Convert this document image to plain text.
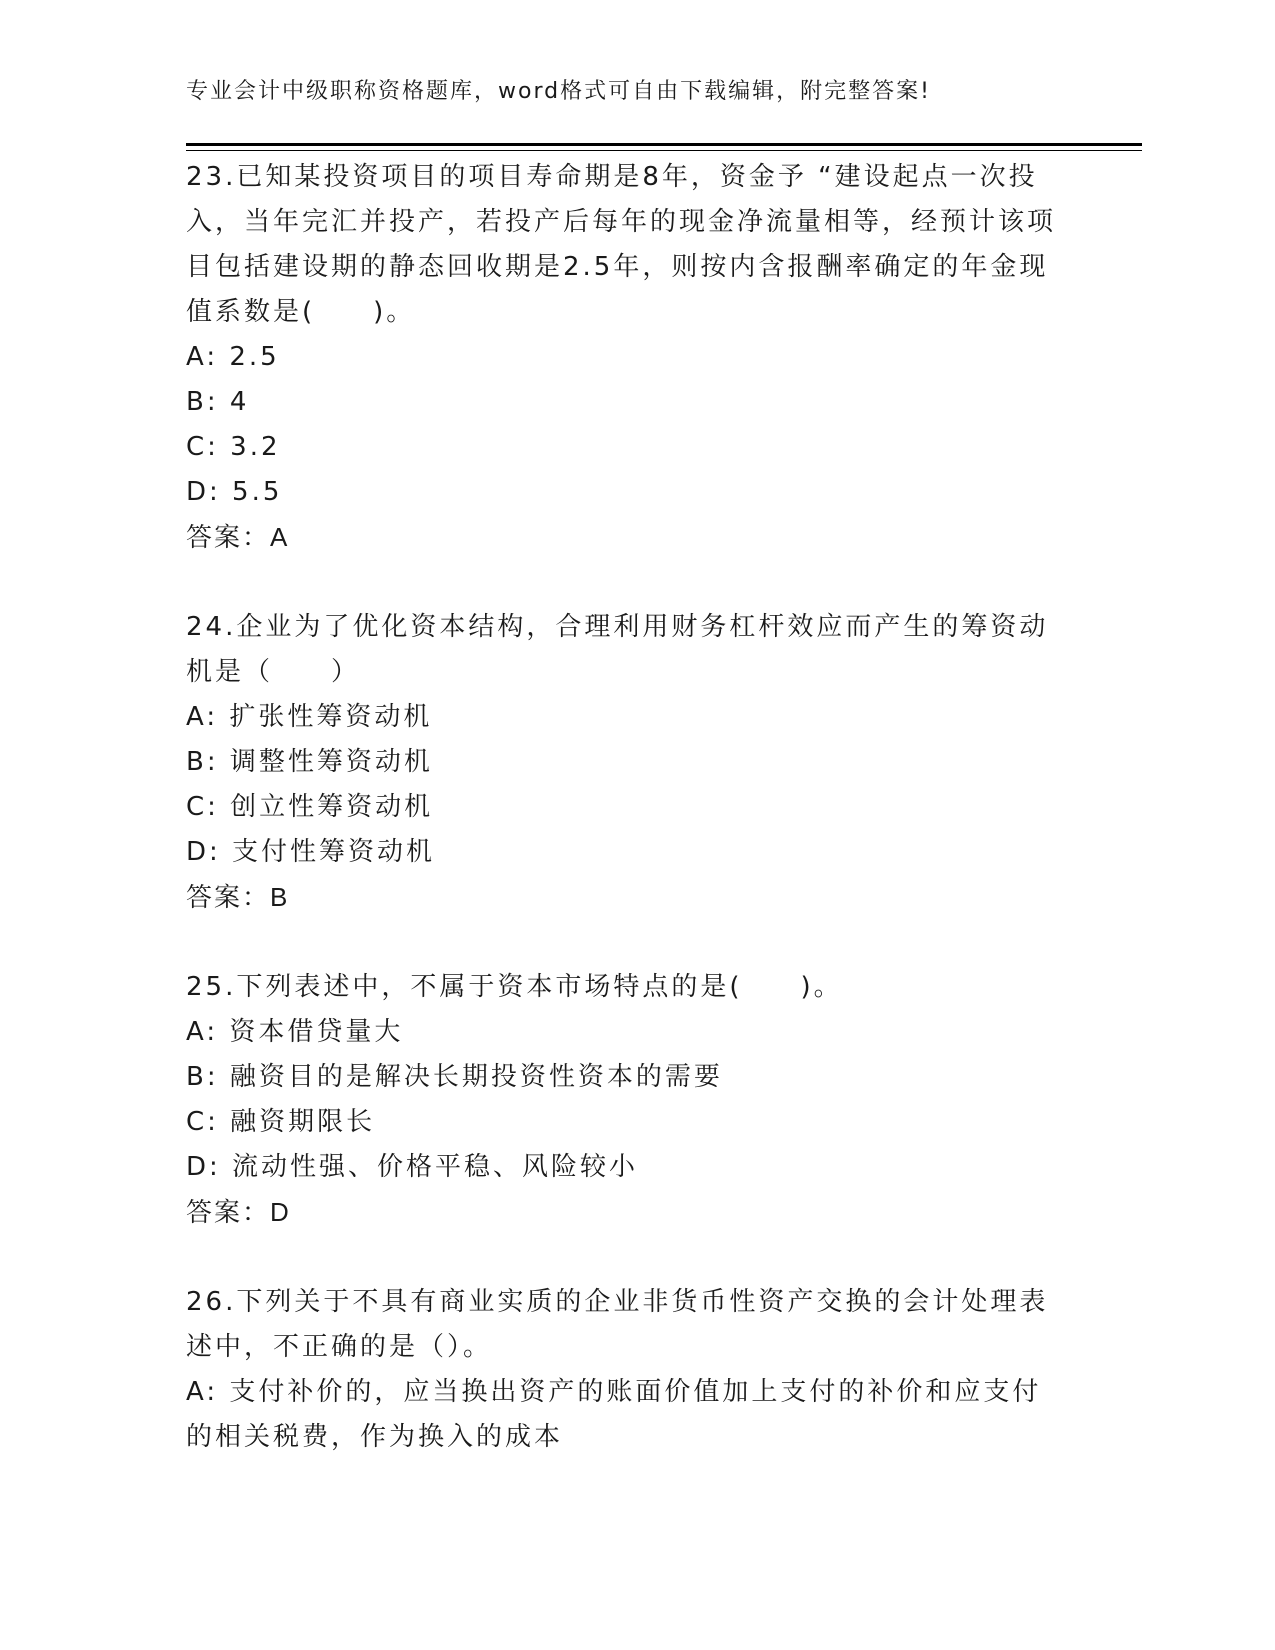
专业会计中级职称资格题库，word格式可自由下载编辑，附完整答案!

23.已知某投资项目的项目寿命期是8年，资金予 “建设起点一次投入，当年完汇并投产，若投产后每年的现金净流量相等，经预计该项目包括建设期的静态回收期是2.5年，则按内含报酬率确定的年金现值系数是(　　)。

A: 2.5

B: 4

C: 3.2

D: 5.5

答案：A

24.企业为了优化资本结构，合理利用财务杠杆效应而产生的筹资动机是（　　）

A: 扩张性筹资动机

B: 调整性筹资动机

C: 创立性筹资动机

D: 支付性筹资动机

答案：B

25.下列表述中，不属于资本市场特点的是(　　)。

A: 资本借贷量大

B: 融资目的是解决长期投资性资本的需要

C: 融资期限长

D: 流动性强、价格平稳、风险较小

答案：D

26.下列关于不具有商业实质的企业非货币性资产交换的会计处理表述中，不正确的是（）。

A: 支付补价的，应当换出资产的账面价值加上支付的补价和应支付的相关税费，作为换入的成本
